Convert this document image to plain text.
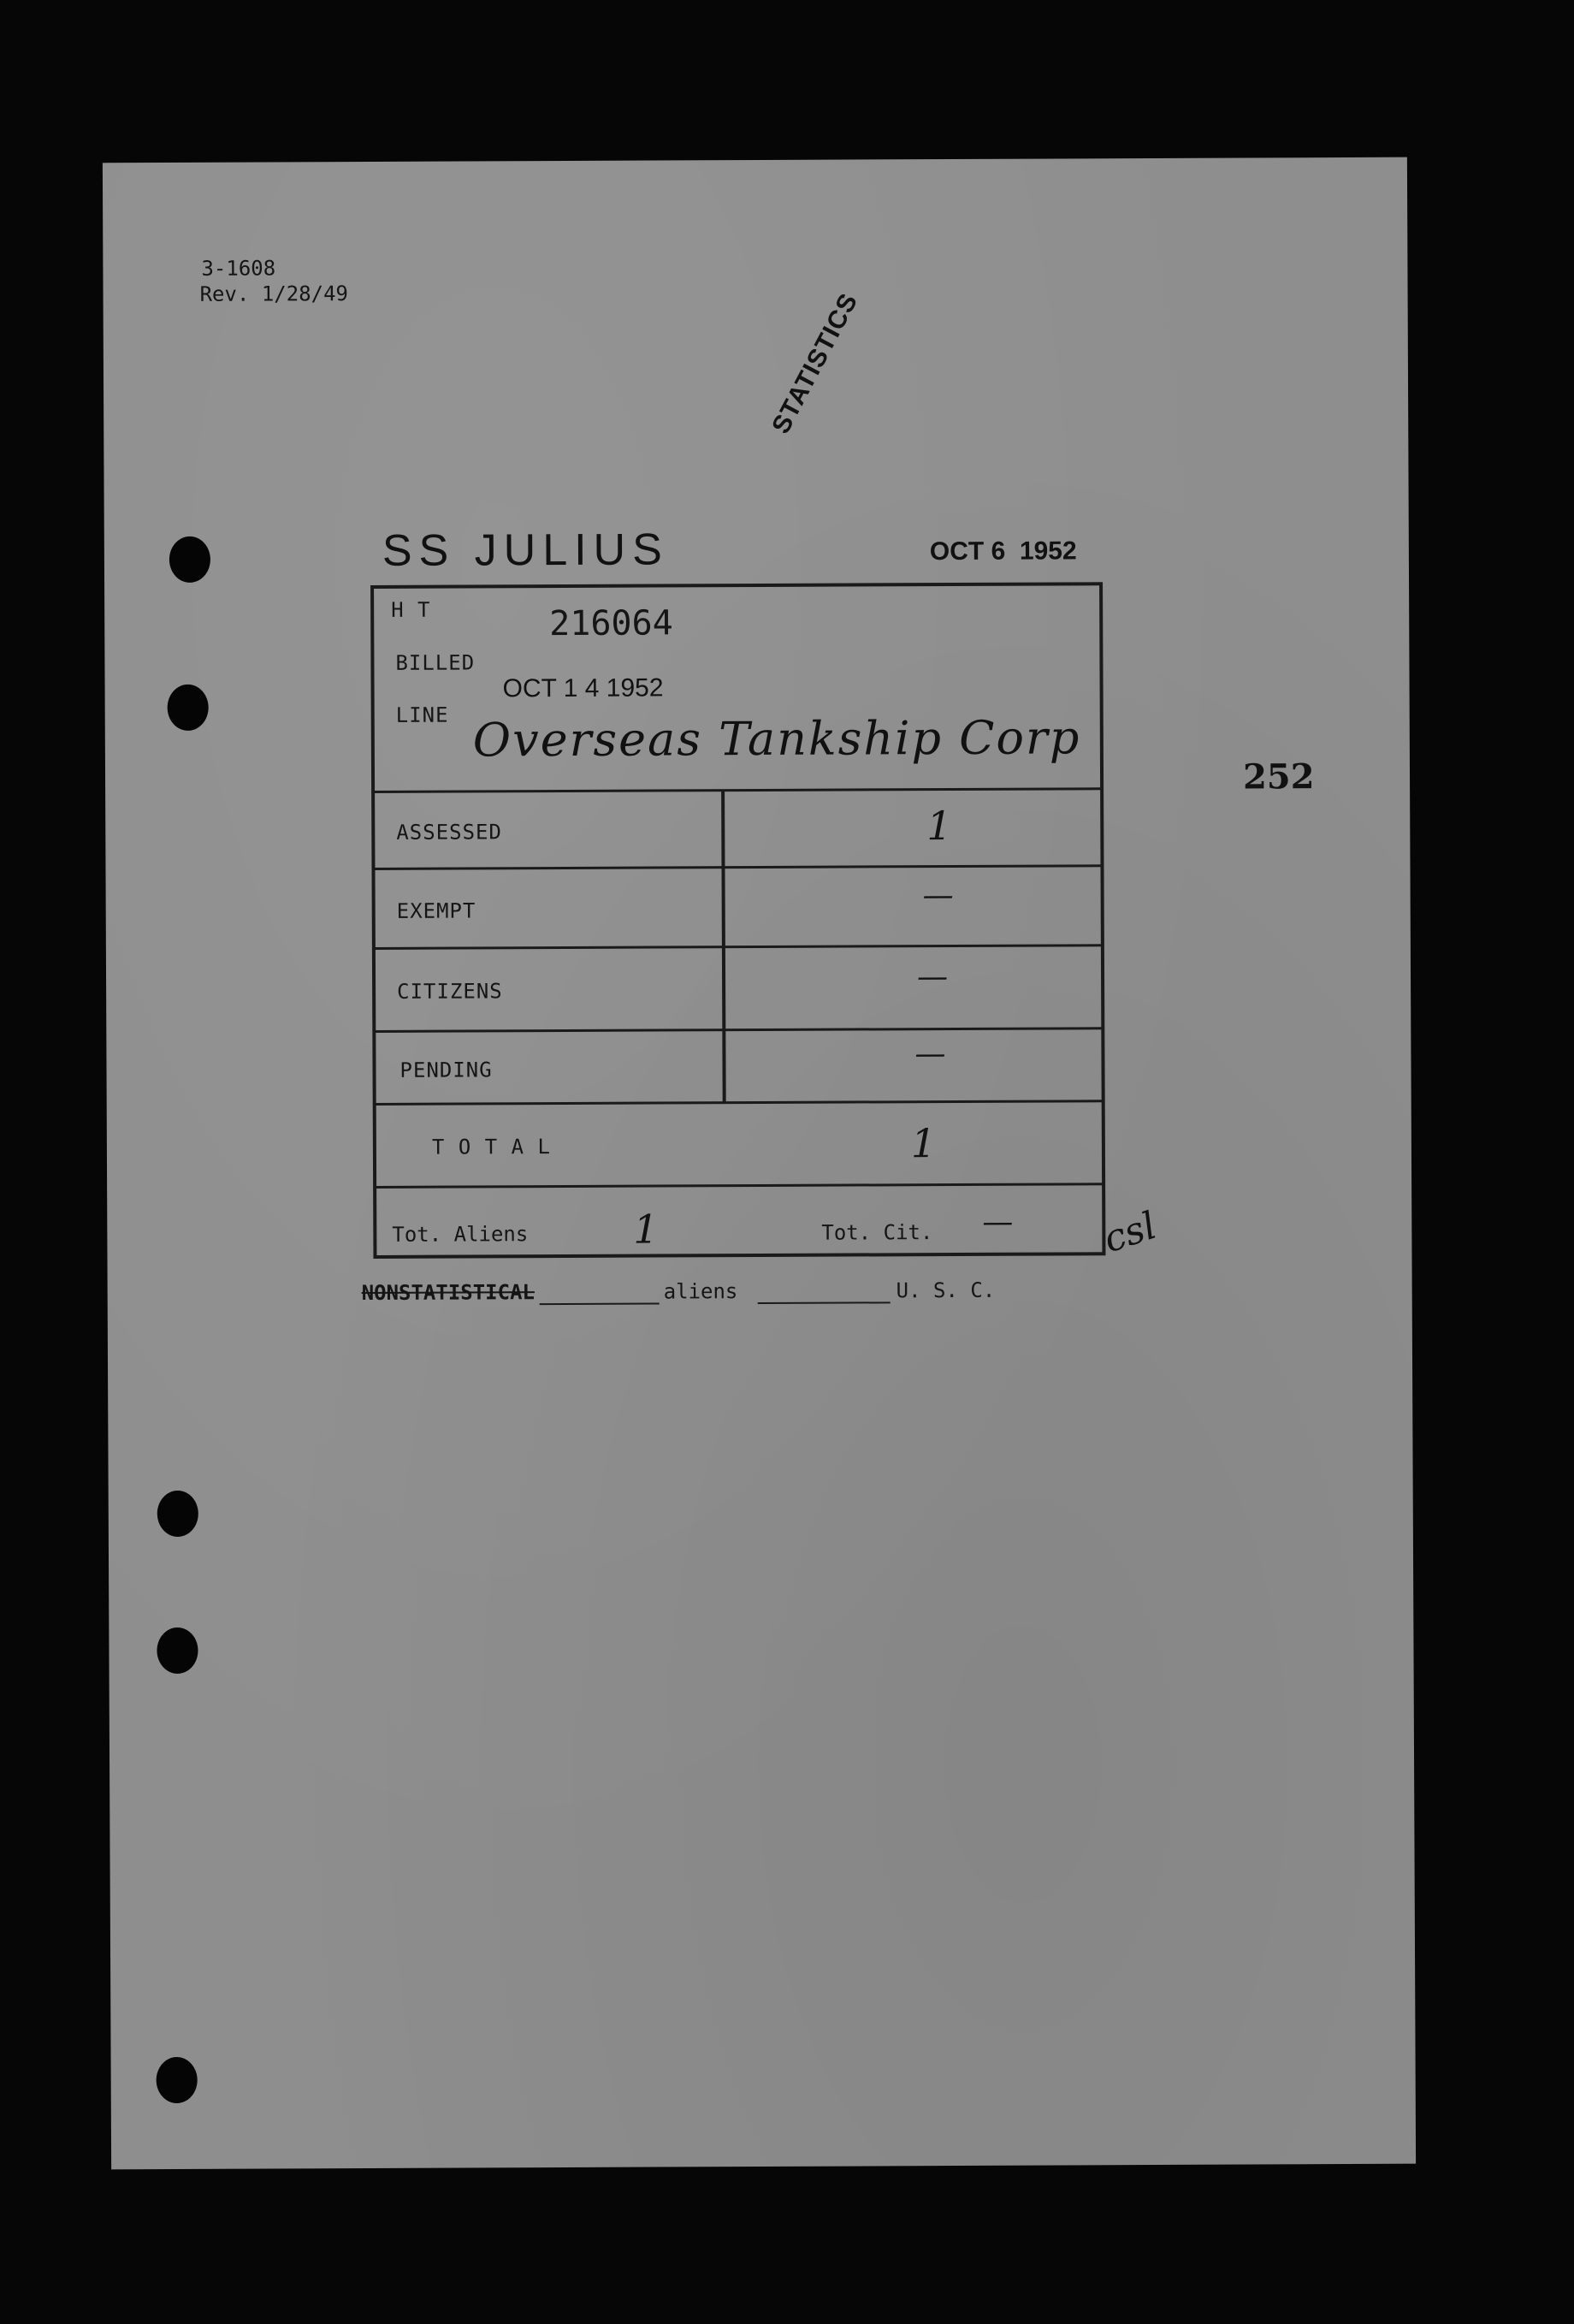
3-1608
Rev. 1/28/49	STATISTICS
SS JULIUS	OCT 6  1952
252
H T	216064
BILLED
OCT 1 4 1952
LINE Overseas Tankship Corp
ASSESSED	1
EXEMPT	—
CITIZENS	—
PENDING	—
T O T A L	1
Tot. Aliens	1	Tot. Cit. — csl
NONSTATISTICAL	aliens	U. S. C.
